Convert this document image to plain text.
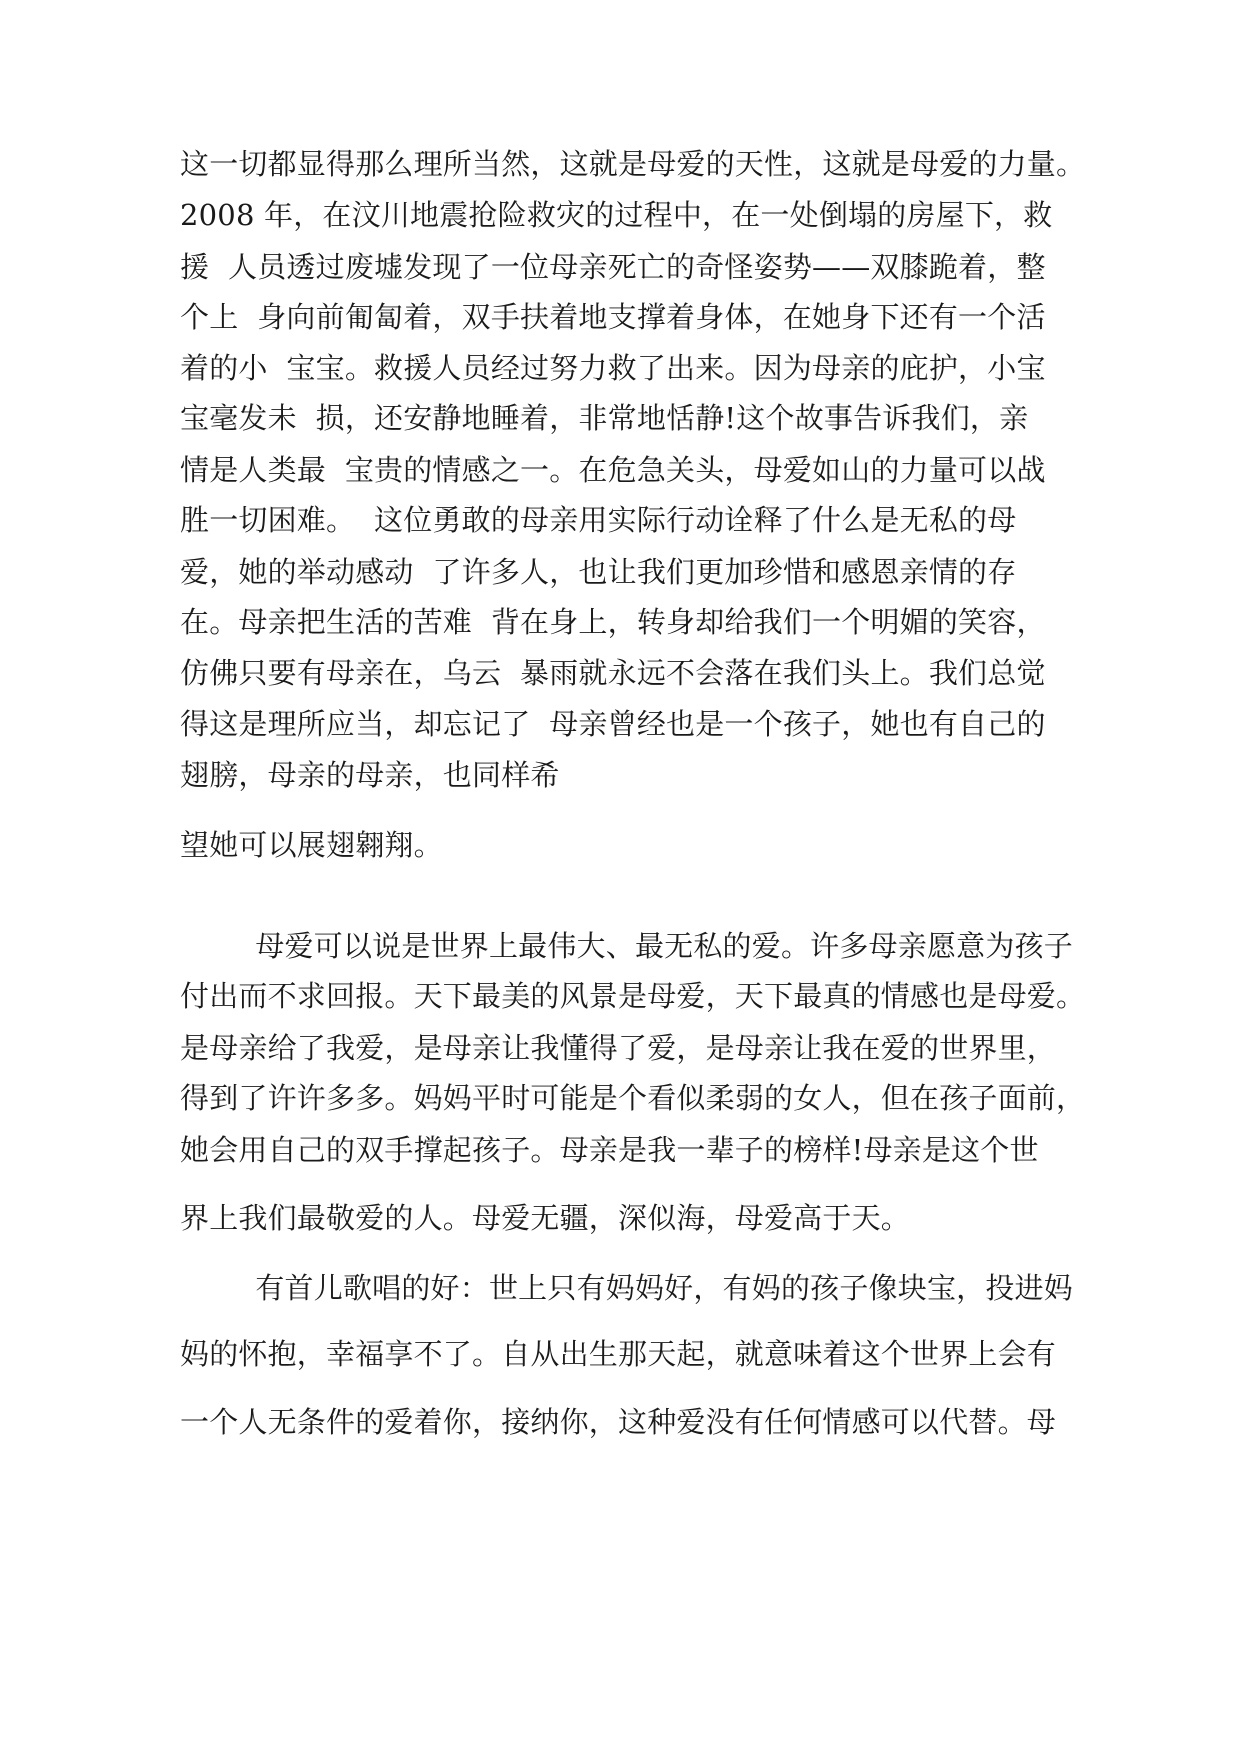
这一切都显得那么理所当然，这就是母爱的天性，这就是母爱的力量。
2008 年，在汶川地震抢险救灾的过程中，在一处倒塌的房屋下，救
援  人员透过废墟发现了一位母亲死亡的奇怪姿势——双膝跪着，整
个上  身向前匍匐着，双手扶着地支撑着身体，在她身下还有一个活
着的小  宝宝。救援人员经过努力救了出来。因为母亲的庇护，小宝
宝毫发未  损，还安静地睡着，非常地恬静!这个故事告诉我们，亲
情是人类最  宝贵的情感之一。在危急关头，母爱如山的力量可以战
胜一切困难。  这位勇敢的母亲用实际行动诠释了什么是无私的母
爱，她的举动感动  了许多人，也让我们更加珍惜和感恩亲情的存
在。母亲把生活的苦难  背在身上，转身却给我们一个明媚的笑容，
仿佛只要有母亲在，乌云  暴雨就永远不会落在我们头上。我们总觉
得这是理所应当，却忘记了  母亲曾经也是一个孩子，她也有自己的
翅膀，母亲的母亲，也同样希
望她可以展翅翱翔。
母爱可以说是世界上最伟大、最无私的爱。许多母亲愿意为孩子
付出而不求回报。天下最美的风景是母爱，天下最真的情感也是母爱。
是母亲给了我爱，是母亲让我懂得了爱，是母亲让我在爱的世界里，
得到了许许多多。妈妈平时可能是个看似柔弱的女人，但在孩子面前，
她会用自己的双手撑起孩子。母亲是我一辈子的榜样!母亲是这个世
界上我们最敬爱的人。母爱无疆，深似海，母爱高于天。
有首儿歌唱的好：世上只有妈妈好，有妈的孩子像块宝，投进妈
妈的怀抱，幸福享不了。自从出生那天起，就意味着这个世界上会有
一个人无条件的爱着你，接纳你，这种爱没有任何情感可以代替。母
